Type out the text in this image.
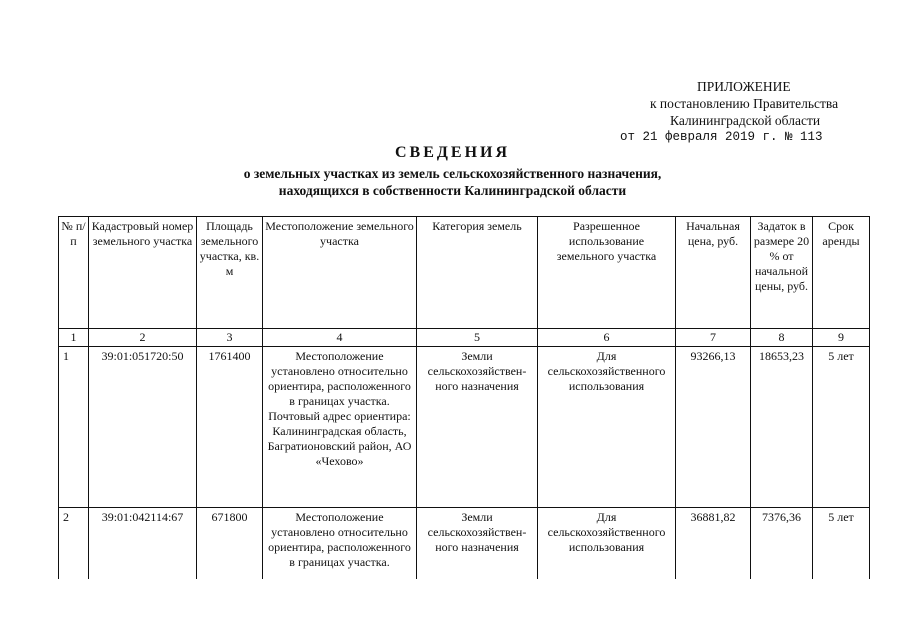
ПРИЛОЖЕНИЕ
к постановлению Правительства
Калининградской области
от 21 февраля 2019 г. № 113
СВЕДЕНИЯ
о земельных участках из земель сельскохозяйственного назначения,
находящихся в собственности Калининградской области
№ п/п	Кадастровый номер земельного участка	Площадь земельного участка, кв. м	Местоположение земельного участка	Категория земель	Разрешенное использование земельного участка	Начальная цена, руб.	Задаток в размере 20 % от начальной цены, руб.	Срок аренды
1	2	3	4	5	6	7	8	9
1	39:01:051720:50	1761400	Местоположение установлено относительно ориентира, расположенного в границах участка. Почтовый адрес ориентира: Калининградская область, Багратионовский район, АО «Чехово»	Земли сельскохозяйствен-ного назначения	Для сельскохозяйственного использования	93266,13	18653,23	5 лет
2	39:01:042114:67	671800	Местоположение установлено относительно ориентира, расположенного в границах участка.	Земли сельскохозяйствен-ного назначения	Для сельскохозяйственного использования	36881,82	7376,36	5 лет
